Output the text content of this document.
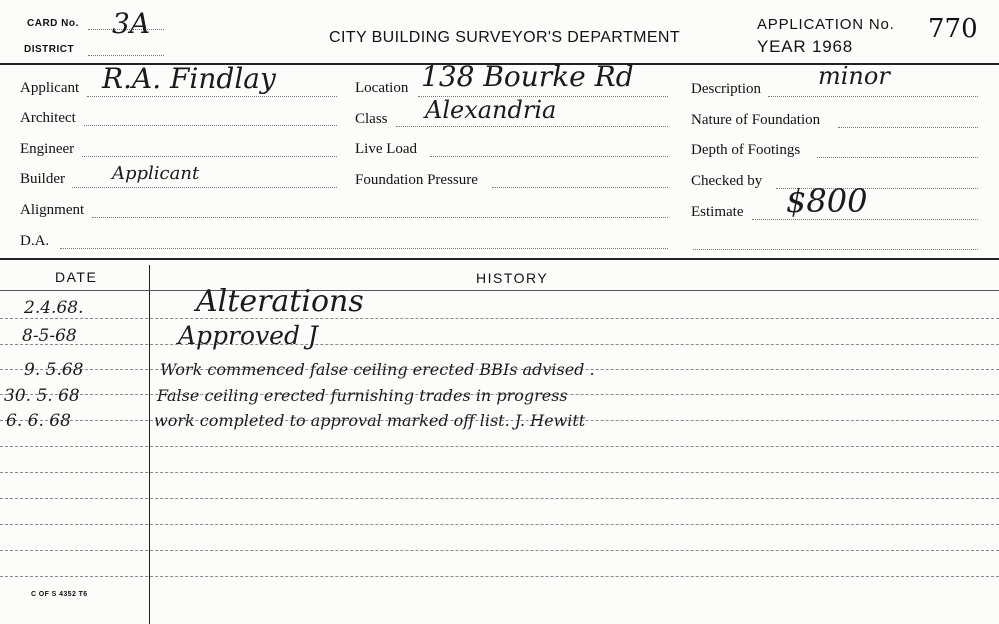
CARD No. 3A
DISTRICT
CITY BUILDING SURVEYOR'S DEPARTMENT
APPLICATION No. 770
YEAR 1968
Applicant R.A. Findlay
Architect
Engineer
Builder	Applicant
Alignment
D.A.
Location 138 Bourke Rd
Class Alexandria
Live Load
Foundation Pressure
Description minor
Nature of Foundation
Depth of Footings
Checked by
Estimate $800
DATE	HISTORY
2.4.68.	Alterations
8-5-68	Approved J
9. 5.68	Work commenced false ceiling erected BBIs advised .
30. 5. 68	False ceiling erected furnishing trades in progress
6. 6. 68	work completed to approval marked off list. J. Hewitt
C OF S 4352 T6
